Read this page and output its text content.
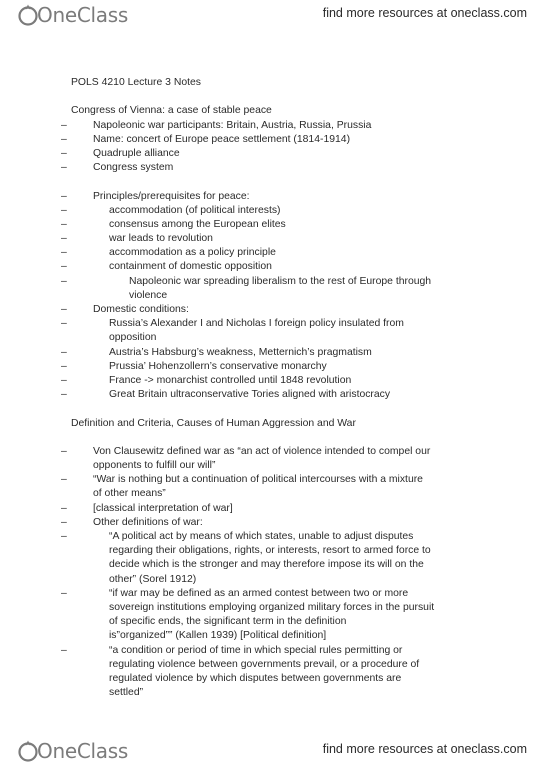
OneClass	find more resources at oneclass.com
POLS 4210 Lecture 3 Notes
Congress of Vienna: a case of stable peace
– Napoleonic war participants: Britain, Austria, Russia, Prussia
– Name: concert of Europe peace settlement (1814-1914)
– Quadruple alliance
– Congress system
– Principles/prerequisites for peace:
– accommodation (of political interests)
– consensus among the European elites
– war leads to revolution
– accommodation as a policy principle
– containment of domestic opposition
– Napoleonic war spreading liberalism to the rest of Europe through
violence
– Domestic conditions:
– Russia’s Alexander I and Nicholas I foreign policy insulated from
opposition
– Austria’s Habsburg’s weakness, Metternich’s pragmatism
– Prussia’ Hohenzollern’s conservative monarchy
– France -> monarchist controlled until 1848 revolution
– Great Britain ultraconservative Tories aligned with aristocracy
Definition and Criteria, Causes of Human Aggression and War
– Von Clausewitz defined war as “an act of violence intended to compel our
opponents to fulfill our will”
– “War is nothing but a continuation of political intercourses with a mixture
of other means”
– [classical interpretation of war]
– Other definitions of war:
– “A political act by means of which states, unable to adjust disputes
regarding their obligations, rights, or interests, resort to armed force to
decide which is the stronger and may therefore impose its will on the
other” (Sorel 1912)
– “if war may be defined as an armed contest between two or more
sovereign institutions employing organized military forces in the pursuit
of specific ends, the significant term in the definition
is”organized”” (Kallen 1939) [Political definition]
– “a condition or period of time in which special rules permitting or
regulating violence between governments prevail, or a procedure of
regulated violence by which disputes between governments are
settled”
OneClass	find more resources at oneclass.com
